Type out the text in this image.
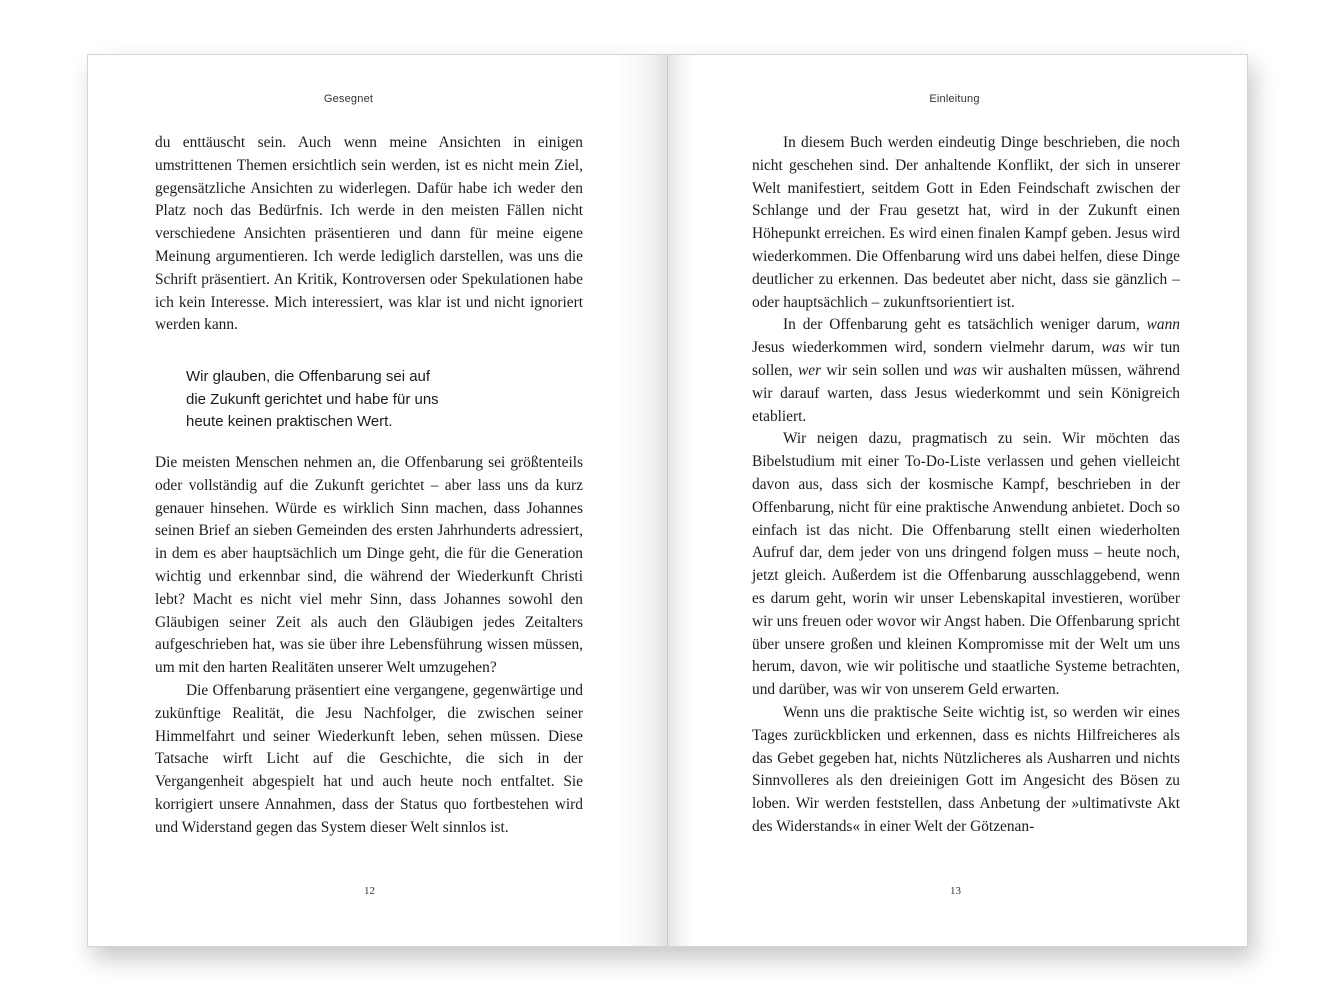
Gesegnet

du enttäuscht sein. Auch wenn meine Ansichten in einigen umstrittenen Themen ersichtlich sein werden, ist es nicht mein Ziel, gegensätzliche Ansichten zu widerlegen. Dafür habe ich weder den Platz noch das Bedürfnis. Ich werde in den meisten Fällen nicht verschiedene Ansichten präsentieren und dann für meine eigene Meinung argumentieren. Ich werde lediglich darstellen, was uns die Schrift präsentiert. An Kritik, Kontroversen oder Spekulationen habe ich kein Interesse. Mich interessiert, was klar ist und nicht ignoriert werden kann.

Wir glauben, die Offenbarung sei auf
die Zukunft gerichtet und habe für uns
heute keinen praktischen Wert.

Die meisten Menschen nehmen an, die Offenbarung sei größtenteils oder vollständig auf die Zukunft gerichtet – aber lass uns da kurz genauer hinsehen. Würde es wirklich Sinn machen, dass Johannes seinen Brief an sieben Gemeinden des ersten Jahrhunderts adressiert, in dem es aber hauptsächlich um Dinge geht, die für die Generation wichtig und erkennbar sind, die während der Wiederkunft Christi lebt? Macht es nicht viel mehr Sinn, dass Johannes sowohl den Gläubigen seiner Zeit als auch den Gläubigen jedes Zeitalters aufgeschrieben hat, was sie über ihre Lebensführung wissen müssen, um mit den harten Realitäten unserer Welt umzugehen?

Die Offenbarung präsentiert eine vergangene, gegenwärtige und zukünftige Realität, die Jesu Nachfolger, die zwischen seiner Himmelfahrt und seiner Wiederkunft leben, sehen müssen. Diese Tatsache wirft Licht auf die Geschichte, die sich in der Vergangenheit abgespielt hat und auch heute noch entfaltet. Sie korrigiert unsere Annahmen, dass der Status quo fortbestehen wird und Widerstand gegen das System dieser Welt sinnlos ist.

12
Einleitung

In diesem Buch werden eindeutig Dinge beschrieben, die noch nicht geschehen sind. Der anhaltende Konflikt, der sich in unserer Welt manifestiert, seitdem Gott in Eden Feindschaft zwischen der Schlange und der Frau gesetzt hat, wird in der Zukunft einen Höhepunkt erreichen. Es wird einen finalen Kampf geben. Jesus wird wiederkommen. Die Offenbarung wird uns dabei helfen, diese Dinge deutlicher zu erkennen. Das bedeutet aber nicht, dass sie gänzlich – oder hauptsächlich – zukunftsorientiert ist.

In der Offenbarung geht es tatsächlich weniger darum, wann Jesus wiederkommen wird, sondern vielmehr darum, was wir tun sollen, wer wir sein sollen und was wir aushalten müssen, während wir darauf warten, dass Jesus wiederkommt und sein Königreich etabliert.

Wir neigen dazu, pragmatisch zu sein. Wir möchten das Bibelstudium mit einer To-Do-Liste verlassen und gehen vielleicht davon aus, dass sich der kosmische Kampf, beschrieben in der Offenbarung, nicht für eine praktische Anwendung anbietet. Doch so einfach ist das nicht. Die Offenbarung stellt einen wiederholten Aufruf dar, dem jeder von uns dringend folgen muss – heute noch, jetzt gleich. Außerdem ist die Offenbarung ausschlaggebend, wenn es darum geht, worin wir unser Lebenskapital investieren, worüber wir uns freuen oder wovor wir Angst haben. Die Offenbarung spricht über unsere großen und kleinen Kompromisse mit der Welt um uns herum, davon, wie wir politische und staatliche Systeme betrachten, und darüber, was wir von unserem Geld erwarten.

Wenn uns die praktische Seite wichtig ist, so werden wir eines Tages zurückblicken und erkennen, dass es nichts Hilfreicheres als das Gebet gegeben hat, nichts Nützlicheres als Ausharren und nichts Sinnvolleres als den dreieinigen Gott im Angesicht des Bösen zu loben. Wir werden feststellen, dass Anbetung der »ultimativste Akt des Widerstands« in einer Welt der Götzenan-

13
